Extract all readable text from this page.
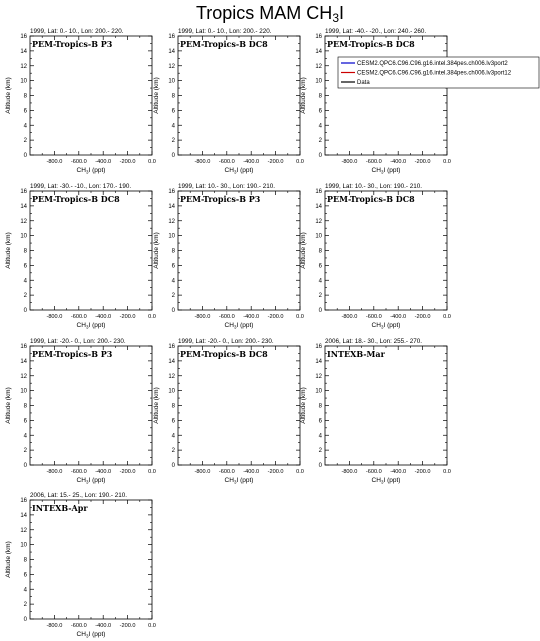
Tropics MAM $CH_3I$
1999, Lat: 0.- 10., Lon: 200.- 220.
PEM-Tropics-B P3
0
2
4
6
8
10
12
14
16
-800.0 -600.0 -400.0 -200.0 0.0
$CH_3I$ (ppt)
Altitude (km)
1999, Lat: 0.- 10., Lon: 200.- 220.
PEM-Tropics-B DC8
0
2
4
6
8
10
12
14
16
-800.0 -600.0 -400.0 -200.0 0.0
$CH_3I$ (ppt)
Altitude (km)
1999, Lat: -40.- -20., Lon: 240.- 260.
PEM-Tropics-B DC8
0
2
4
6
8
10
12
14
16
-800.0 -600.0 -400.0 -200.0 0.0
$CH_3I$ (ppt)
Altitude (km)
1999, Lat: -30.- -10., Lon: 170.- 190.
PEM-Tropics-B DC8
0
2
4
6
8
10
12
14
16
-800.0 -600.0 -400.0 -200.0 0.0
$CH_3I$ (ppt)
Altitude (km)
1999, Lat: 10.- 30., Lon: 190.- 210.
PEM-Tropics-B P3
0
2
4
6
8
10
12
14
16
-800.0 -600.0 -400.0 -200.0 0.0
$CH_3I$ (ppt)
Altitude (km)
1999, Lat: 10.- 30., Lon: 190.- 210.
PEM-Tropics-B DC8
0
2
4
6
8
10
12
14
16
-800.0 -600.0 -400.0 -200.0 0.0
$CH_3I$ (ppt)
Altitude (km)
1999, Lat: -20.- 0., Lon: 200.- 230.
PEM-Tropics-B P3
0
2
4
6
8
10
12
14
16
-800.0 -600.0 -400.0 -200.0 0.0
$CH_3I$ (ppt)
Altitude (km)
1999, Lat: -20.- 0., Lon: 200.- 230.
PEM-Tropics-B DC8
0
2
4
6
8
10
12
14
16
-800.0 -600.0 -400.0 -200.0 0.0
$CH_3I$ (ppt)
Altitude (km)
2006, Lat: 18.- 30., Lon: 255.- 270.
INTEXB-Mar
0
2
4
6
8
10
12
14
16
-800.0 -600.0 -400.0 -200.0 0.0
$CH_3I$ (ppt)
Altitude (km)
2006, Lat: 15.- 25., Lon: 190.- 210.
INTEXB-Apr
0
2
4
6
8
10
12
14
16
-800.0 -600.0 -400.0 -200.0 0.0
$CH_3I$ (ppt)
Altitude (km)
CESM2.QPC6.C96.C96.g16.intel.384pes.ch006.lv3port2
CESM2.QPC6.C96.C96.g16.intel.384pes.ch006.lv3port12
Data
